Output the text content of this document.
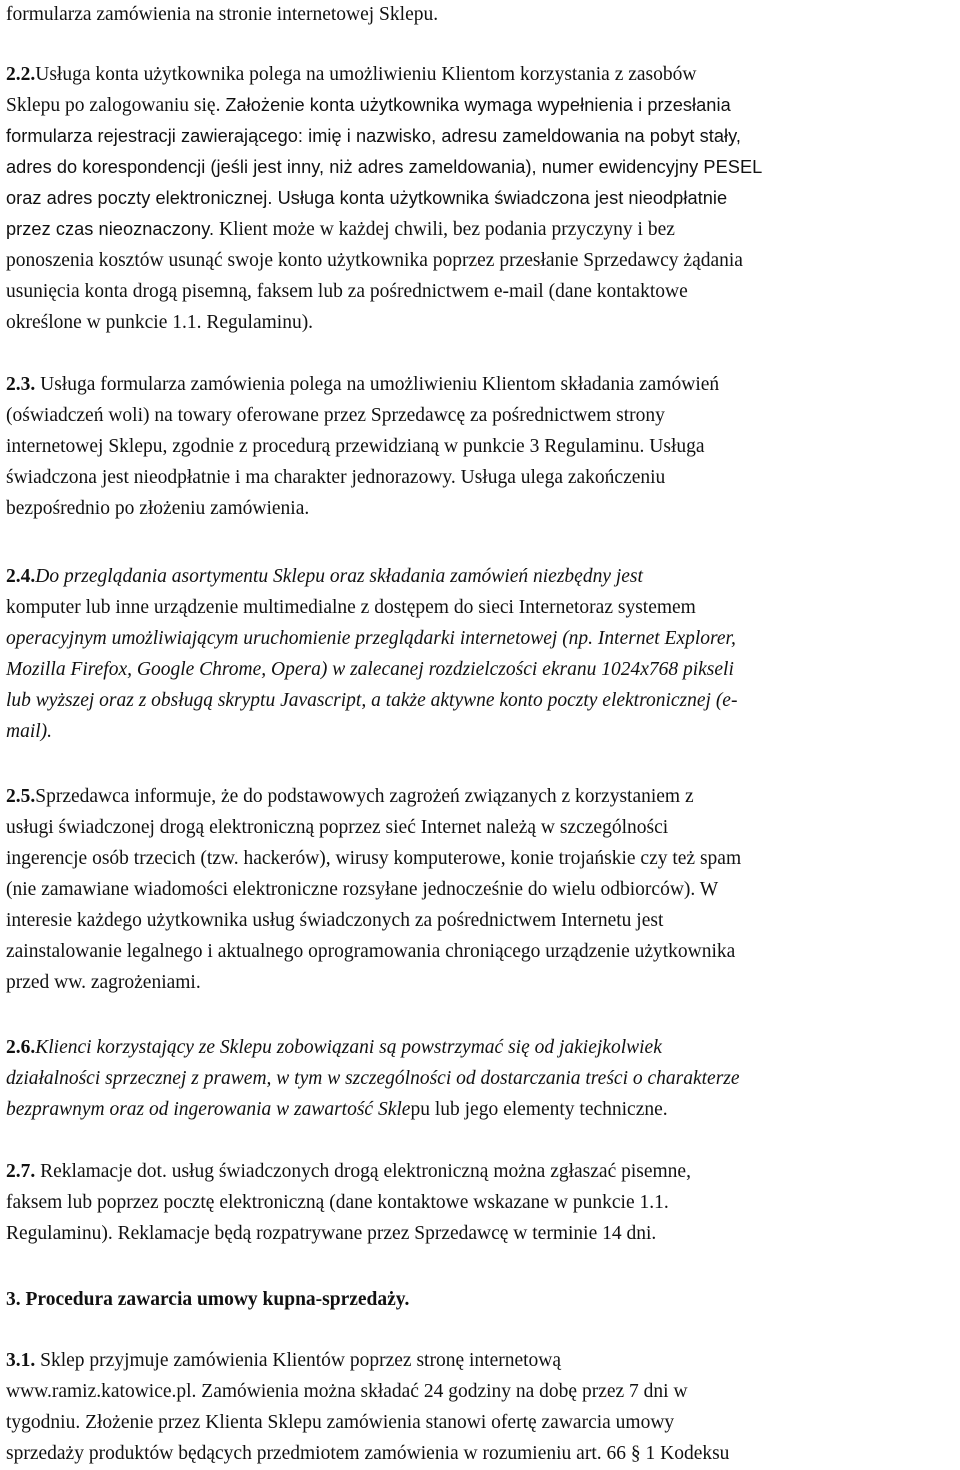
formularza zamówienia na stronie internetowej Sklepu.

2.2.Usługa konta użytkownika polega na umożliwieniu Klientom korzystania z zasobów
Sklepu po zalogowaniu się. Założenie konta użytkownika wymaga wypełnienia i przesłania
formularza rejestracji zawierającego: imię i nazwisko, adresu zameldowania na pobyt stały,
adres do korespondencji (jeśli jest inny, niż adres zameldowania), numer ewidencyjny PESEL
oraz adres poczty elektronicznej. Usługa konta użytkownika świadczona jest nieodpłatnie
przez czas nieoznaczony. Klient może w każdej chwili, bez podania przyczyny i bez
ponoszenia kosztów usunąć swoje konto użytkownika poprzez przesłanie Sprzedawcy żądania
usunięcia konta drogą pisemną, faksem lub za pośrednictwem e-mail (dane kontaktowe
określone w punkcie 1.1. Regulaminu).

2.3. Usługa formularza zamówienia polega na umożliwieniu Klientom składania zamówień
(oświadczeń woli) na towary oferowane przez Sprzedawcę za pośrednictwem strony
internetowej Sklepu, zgodnie z procedurą przewidzianą w punkcie 3 Regulaminu. Usługa
świadczona jest nieodpłatnie i ma charakter jednorazowy. Usługa ulega zakończeniu
bezpośrednio po złożeniu zamówienia.

2.4.Do przeglądania asortymentu Sklepu oraz składania zamówień niezbędny jest
komputer lub inne urządzenie multimedialne z dostępem do sieci Internetoraz systemem
operacyjnym umożliwiającym uruchomienie przeglądarki internetowej (np. Internet Explorer,
Mozilla Firefox, Google Chrome, Opera) w zalecanej rozdzielczości ekranu 1024x768 pikseli
lub wyższej oraz z obsługą skryptu Javascript, a także aktywne konto poczty elektronicznej (e-
mail).

2.5.Sprzedawca informuje, że do podstawowych zagrożeń związanych z korzystaniem z
usługi świadczonej drogą elektroniczną poprzez sieć Internet należą w szczególności
ingerencje osób trzecich (tzw. hackerów), wirusy komputerowe, konie trojańskie czy też spam
(nie zamawiane wiadomości elektroniczne rozsyłane jednocześnie do wielu odbiorców). W
interesie każdego użytkownika usług świadczonych za pośrednictwem Internetu jest
zainstalowanie legalnego i aktualnego oprogramowania chroniącego urządzenie użytkownika
przed ww. zagrożeniami.

2.6.Klienci korzystający ze Sklepu zobowiązani są powstrzymać się od jakiejkolwiek
działalności sprzecznej z prawem, w tym w szczególności od dostarczania treści o charakterze
bezprawnym oraz od ingerowania w zawartość Sklepu lub jego elementy techniczne.

2.7. Reklamacje dot. usług świadczonych drogą elektroniczną można zgłaszać pisemne,
faksem lub poprzez pocztę elektroniczną (dane kontaktowe wskazane w punkcie 1.1.
Regulaminu). Reklamacje będą rozpatrywane przez Sprzedawcę w terminie 14 dni.

3. Procedura zawarcia umowy kupna-sprzedaży.

3.1. Sklep przyjmuje zamówienia Klientów poprzez stronę internetową
www.ramiz.katowice.pl. Zamówienia można składać 24 godziny na dobę przez 7 dni w
tygodniu. Złożenie przez Klienta Sklepu zamówienia stanowi ofertę zawarcia umowy
sprzedaży produktów będących przedmiotem zamówienia w rozumieniu art. 66 § 1 Kodeksu
